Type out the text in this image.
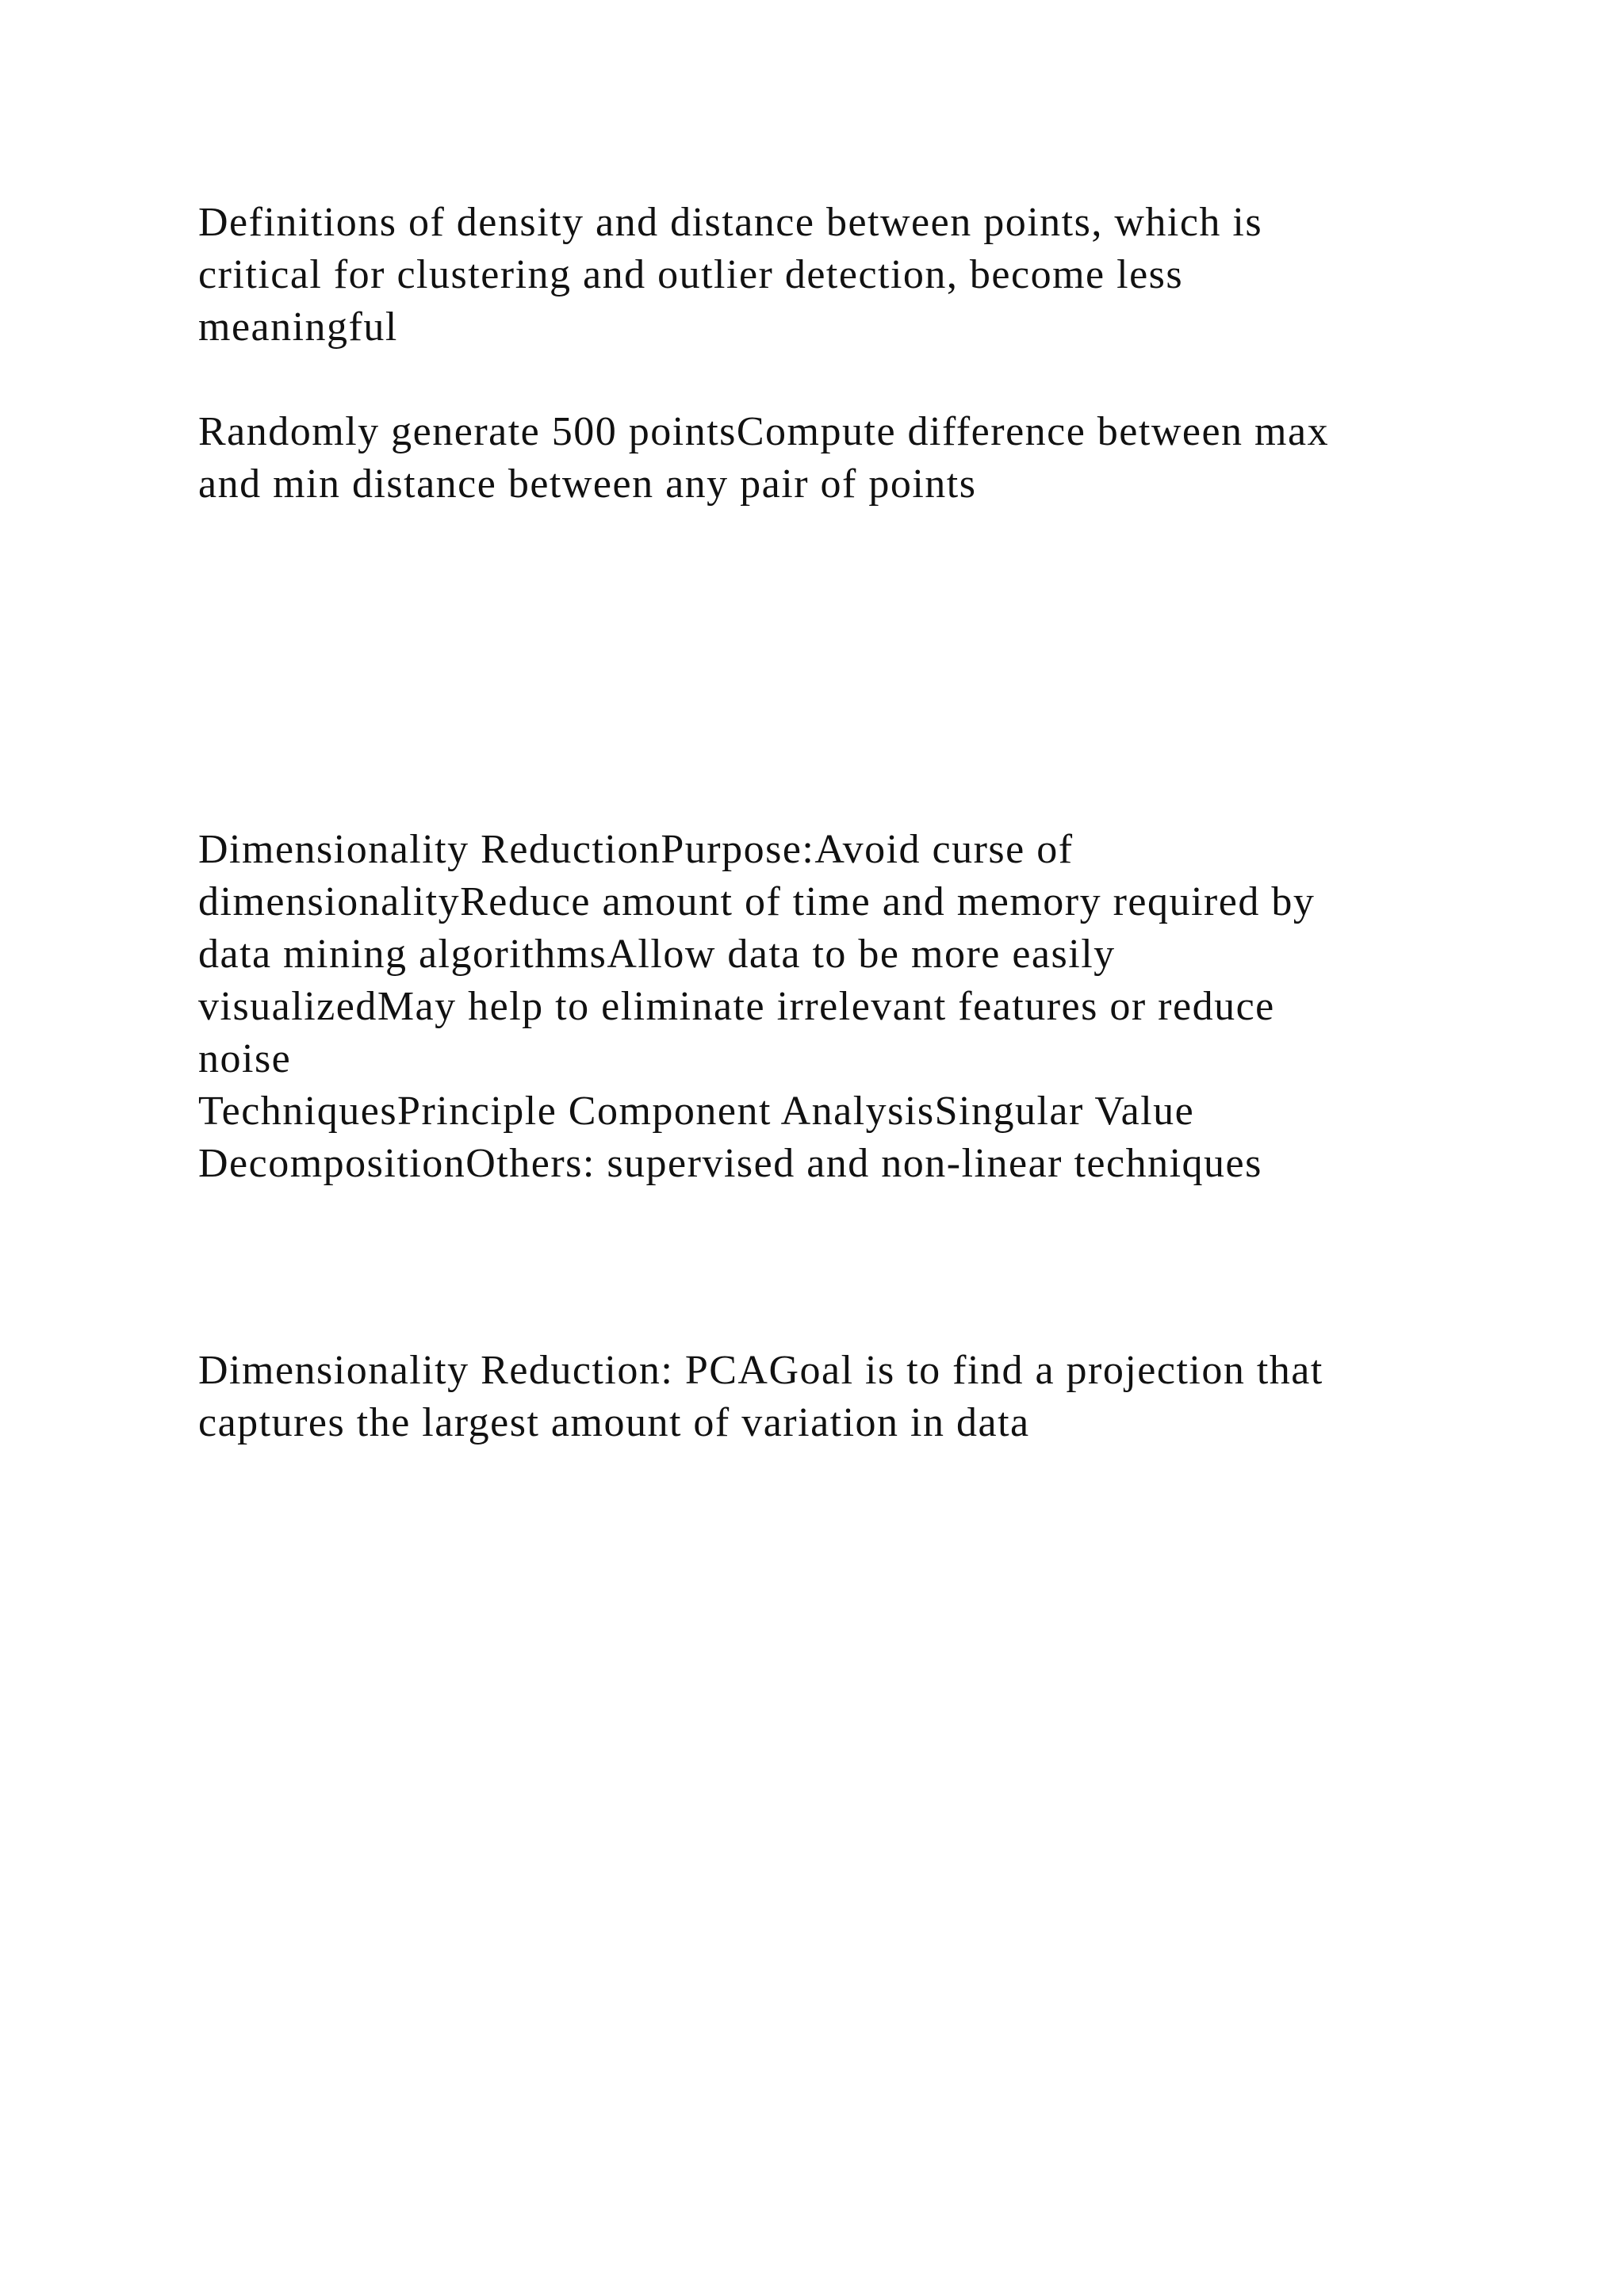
Definitions of density and distance between points, which is
critical for clustering and outlier detection, become less
meaningful

Randomly generate 500 pointsCompute difference between max
and min distance between any pair of points

Dimensionality ReductionPurpose:Avoid curse of
dimensionalityReduce amount of time and memory required by
data mining algorithmsAllow data to be more easily
visualizedMay help to eliminate irrelevant features or reduce
noise

TechniquesPrinciple Component AnalysisSingular Value
DecompositionOthers: supervised and non-linear techniques

Dimensionality Reduction: PCAGoal is to find a projection that
captures the largest amount of variation in data
